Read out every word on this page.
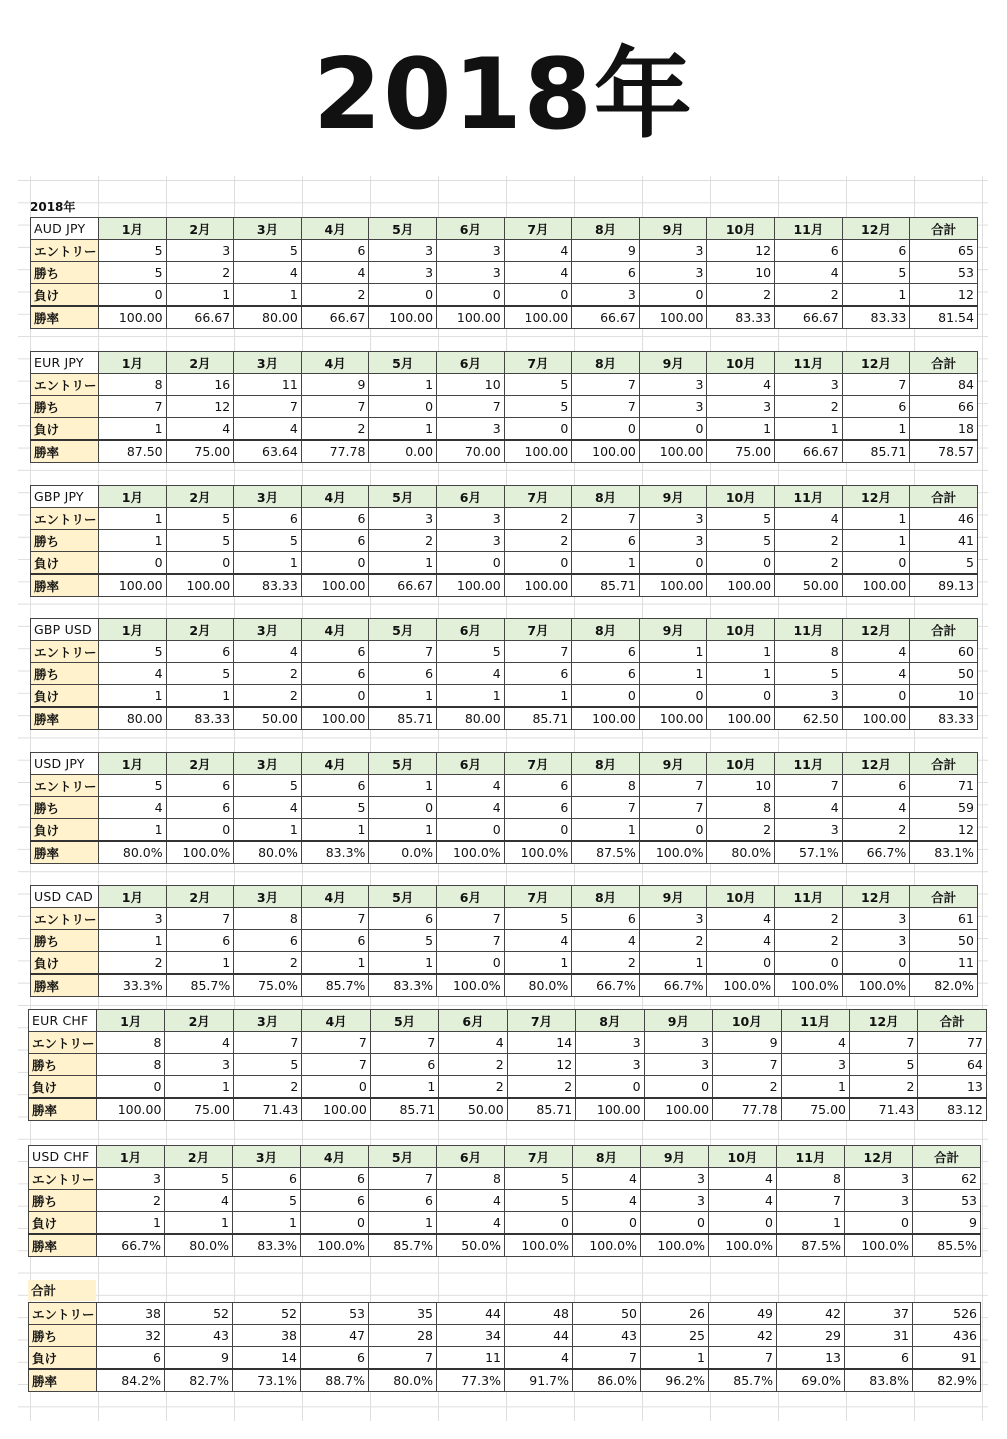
2018年
2018年
AUD JPY	1月	2月	3月	4月	5月	6月	7月	8月	9月	10月	11月	12月	合計
エントリー	5	3	5	6	3	3	4	9	3	12	6	6	65
勝ち	5	2	4	4	3	3	4	6	3	10	4	5	53
負け	0	1	1	2	0	0	0	3	0	2	2	1	12
勝率	100.00	66.67	80.00	66.67	100.00	100.00	100.00	66.67	100.00	83.33	66.67	83.33	81.54
EUR JPY	1月	2月	3月	4月	5月	6月	7月	8月	9月	10月	11月	12月	合計
エントリー	8	16	11	9	1	10	5	7	3	4	3	7	84
勝ち	7	12	7	7	0	7	5	7	3	3	2	6	66
負け	1	4	4	2	1	3	0	0	0	1	1	1	18
勝率	87.50	75.00	63.64	77.78	0.00	70.00	100.00	100.00	100.00	75.00	66.67	85.71	78.57
GBP JPY	1月	2月	3月	4月	5月	6月	7月	8月	9月	10月	11月	12月	合計
エントリー	1	5	6	6	3	3	2	7	3	5	4	1	46
勝ち	1	5	5	6	2	3	2	6	3	5	2	1	41
負け	0	0	1	0	1	0	0	1	0	0	2	0	5
勝率	100.00	100.00	83.33	100.00	66.67	100.00	100.00	85.71	100.00	100.00	50.00	100.00	89.13
GBP USD	1月	2月	3月	4月	5月	6月	7月	8月	9月	10月	11月	12月	合計
エントリー	5	6	4	6	7	5	7	6	1	1	8	4	60
勝ち	4	5	2	6	6	4	6	6	1	1	5	4	50
負け	1	1	2	0	1	1	1	0	0	0	3	0	10
勝率	80.00	83.33	50.00	100.00	85.71	80.00	85.71	100.00	100.00	100.00	62.50	100.00	83.33
USD JPY	1月	2月	3月	4月	5月	6月	7月	8月	9月	10月	11月	12月	合計
エントリー	5	6	5	6	1	4	6	8	7	10	7	6	71
勝ち	4	6	4	5	0	4	6	7	7	8	4	4	59
負け	1	0	1	1	1	0	0	1	0	2	3	2	12
勝率	80.0%	100.0%	80.0%	83.3%	0.0%	100.0%	100.0%	87.5%	100.0%	80.0%	57.1%	66.7%	83.1%
USD CAD	1月	2月	3月	4月	5月	6月	7月	8月	9月	10月	11月	12月	合計
エントリー	3	7	8	7	6	7	5	6	3	4	2	3	61
勝ち	1	6	6	6	5	7	4	4	2	4	2	3	50
負け	2	1	2	1	1	0	1	2	1	0	0	0	11
勝率	33.3%	85.7%	75.0%	85.7%	83.3%	100.0%	80.0%	66.7%	66.7%	100.0%	100.0%	100.0%	82.0%
EUR CHF	1月	2月	3月	4月	5月	6月	7月	8月	9月	10月	11月	12月	合計
エントリー	8	4	7	7	7	4	14	3	3	9	4	7	77
勝ち	8	3	5	7	6	2	12	3	3	7	3	5	64
負け	0	1	2	0	1	2	2	0	0	2	1	2	13
勝率	100.00	75.00	71.43	100.00	85.71	50.00	85.71	100.00	100.00	77.78	75.00	71.43	83.12
USD CHF	1月	2月	3月	4月	5月	6月	7月	8月	9月	10月	11月	12月	合計
エントリー	3	5	6	6	7	8	5	4	3	4	8	3	62
勝ち	2	4	5	6	6	4	5	4	3	4	7	3	53
負け	1	1	1	0	1	4	0	0	0	0	1	0	9
勝率	66.7%	80.0%	83.3%	100.0%	85.7%	50.0%	100.0%	100.0%	100.0%	100.0%	87.5%	100.0%	85.5%
合計
エントリー	38	52	52	53	35	44	48	50	26	49	42	37	526
勝ち	32	43	38	47	28	34	44	43	25	42	29	31	436
負け	6	9	14	6	7	11	4	7	1	7	13	6	91
勝率	84.2%	82.7%	73.1%	88.7%	80.0%	77.3%	91.7%	86.0%	96.2%	85.7%	69.0%	83.8%	82.9%
